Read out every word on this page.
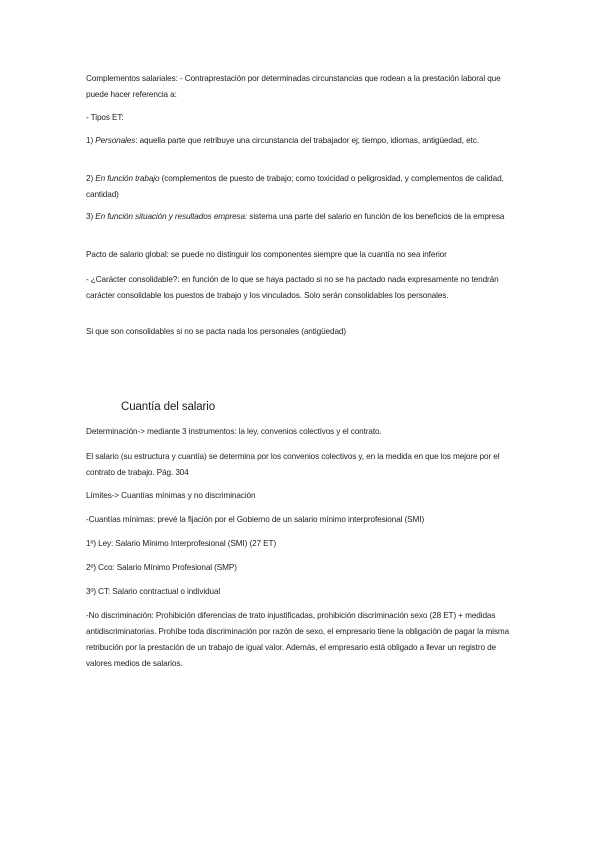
Complementos salariales: - Contraprestación por determinadas circunstancias que rodean a la prestación laboral que puede hacer referencia a:

- Tipos ET:

1) Personales: aquella parte que retribuye una circunstancia del trabajador ej; tiempo, idiomas, antigüedad, etc.

2) En función trabajo (complementos de puesto de trabajo; como toxicidad o peligrosidad, y complementos de calidad, cantidad)

3) En función situación y resultados empresa: sistema una parte del salario en función de los beneficios de la empresa

Pacto de salario global: se puede no distinguir los componentes siempre que la cuantía no sea inferior

- ¿Carácter consolidable?: en función de lo que se haya pactado si no se ha pactado nada expresamente no tendrán carácter consolidable los puestos de trabajo y los vinculados. Solo serán consolidables los personales.

Si que son consolidables si no se pacta nada los personales (antigüedad)

Cuantía del salario

Determinación-> mediante 3 instrumentos: la ley, convenios colectivos y el contrato.

El salario (su estructura y cuantía) se determina por los convenios colectivos y, en la medida en que los mejore por el contrato de trabajo. Pág. 304

Límites-> Cuantías mínimas y no discriminación

-Cuantías mínimas: prevé la fijación por el Gobierno de un salario mínimo interprofesional (SMI)

1º) Ley: Salario Mínimo Interprofesional (SMI) (27 ET)

2º) Cco: Salario Mínimo Profesional (SMP)

3º) CT: Salario contractual o individual

-No discriminación: Prohibición diferencias de trato injustificadas, prohibición discriminación sexo (28 ET) + medidas antidiscriminatorias. Prohíbe toda discriminación por razón de sexo, el empresario tiene la obligación de pagar la misma retribución por la prestación de un trabajo de igual valor. Además, el empresario está obligado a llevar un registro de valores medios de salarios.
